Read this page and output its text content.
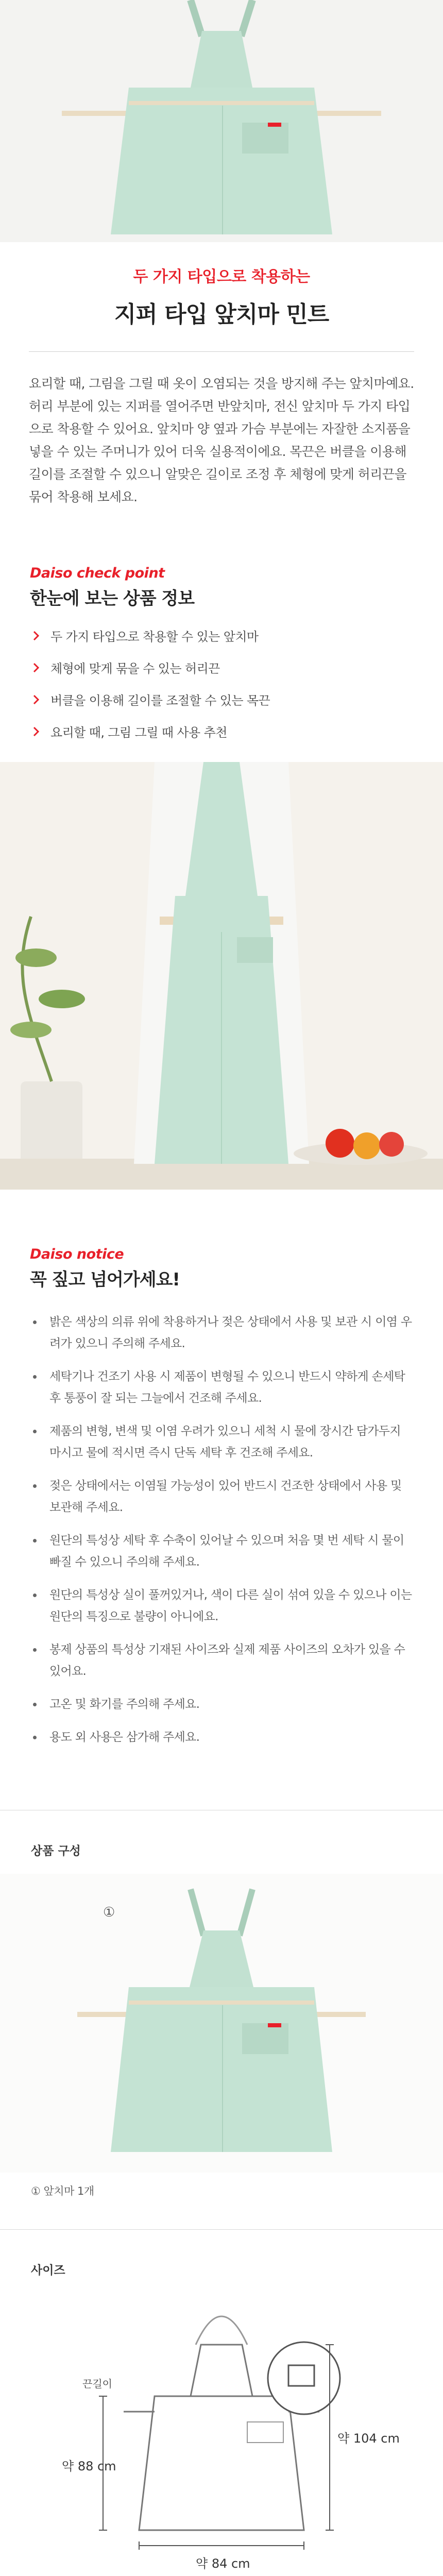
두 가지 타입으로 착용하는
지퍼 타입 앞치마 민트

요리할 때, 그림을 그릴 때 옷이 오염되는 것을 방지해 주는 앞치마예요. 허리 부분에 있는 지퍼를 열어주면 반앞치마, 전신 앞치마 두 가지 타입으로 착용할 수 있어요. 앞치마 양 옆과 가슴 부분에는 자잘한 소지품을 넣을 수 있는 주머니가 있어 더욱 실용적이에요. 목끈은 버클을 이용해 길이를 조절할 수 있으니 알맞은 길이로 조정 후 체형에 맞게 허리끈을 묶어 착용해 보세요.

Daiso check point
한눈에 보는 상품 정보
두 가지 타입으로 착용할 수 있는 앞치마
체형에 맞게 묶을 수 있는 허리끈
버클을 이용해 길이를 조절할 수 있는 목끈
요리할 때, 그림 그릴 때 사용 추천
Daiso notice
꼭 짚고 넘어가세요!
밝은 색상의 의류 위에 착용하거나 젖은 상태에서 사용 및 보관 시 이염 우려가 있으니 주의해 주세요.
세탁기나 건조기 사용 시 제품이 변형될 수 있으니 반드시 약하게 손세탁 후 통풍이 잘 되는 그늘에서 건조해 주세요.
제품의 변형, 변색 및 이염 우려가 있으니 세척 시 물에 장시간 담가두지 마시고 물에 적시면 즉시 단독 세탁 후 건조해 주세요.
젖은 상태에서는 이염될 가능성이 있어 반드시 건조한 상태에서 사용 및 보관해 주세요.
원단의 특성상 세탁 후 수축이 있어날 수 있으며 처음 몇 번 세탁 시 물이 빠질 수 있으니 주의해 주세요.
원단의 특성상 실이 풀꺼있거나, 색이 다른 실이 섞여 있을 수 있으나 이는 원단의 특징으로 불량이 아니에요.
봉제 상품의 특성상 기재된 사이즈와 실제 제품 사이즈의 오차가 있을 수 있어요.
고온 및 화기를 주의해 주세요.
용도 외 사용은 삼가해 주세요.
상품 구성
①
① 앞치마 1개
사이즈
끈길이
약 88 cm
약 104 cm
약 84 cm
